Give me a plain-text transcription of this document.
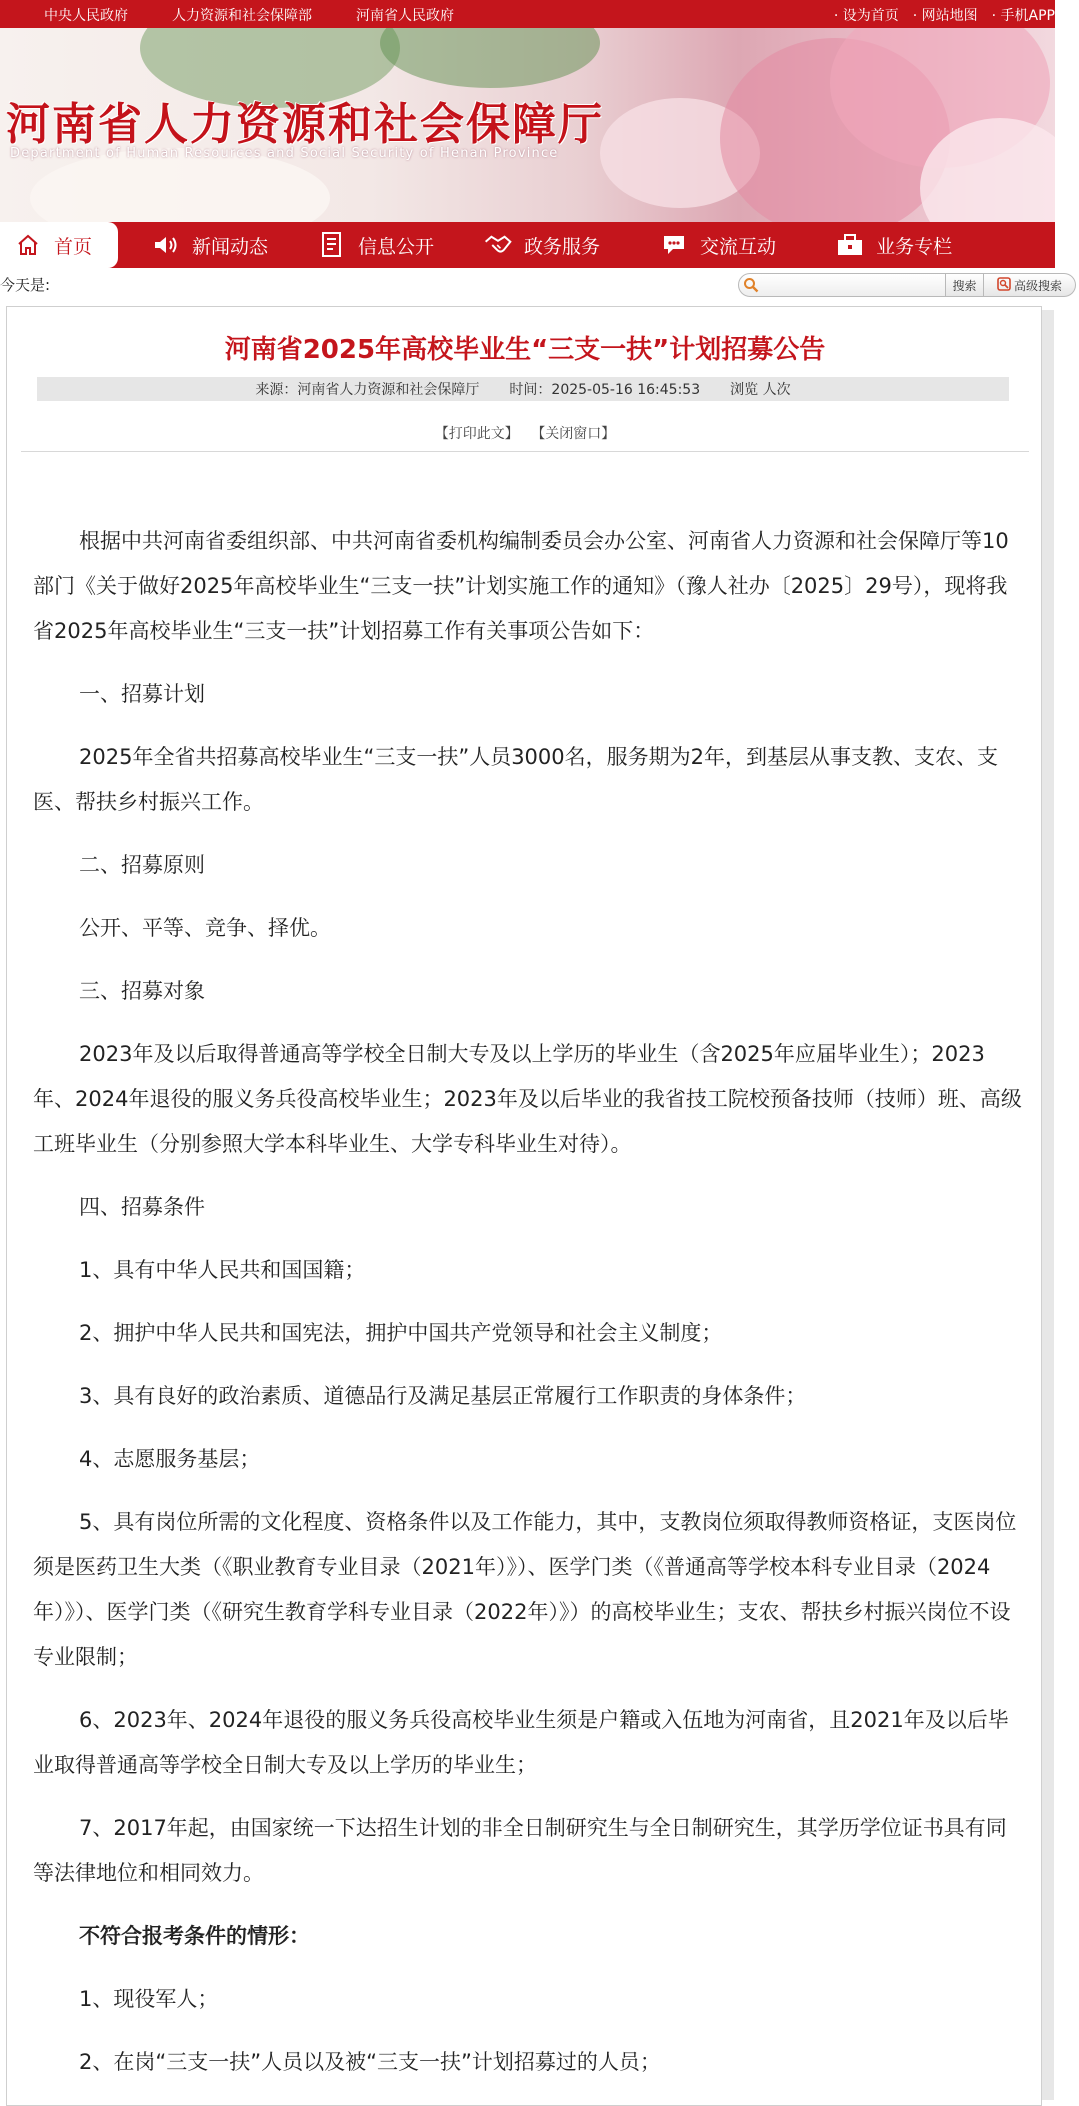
中央人民政府	人力资源和社会保障部	河南省人民政府	· 设为首页	· 网站地图	· 手机APP
河南省人力资源和社会保障厅
Department of Human Resources and Social Security of Henan Province
首页	新闻动态	信息公开	政务服务	交流互动	业务专栏
今天是:	搜索	高级搜索
河南省2025年高校毕业生“三支一扶”计划招募公告
来源：河南省人力资源和社会保障厅 时间：2025-05-16 16:45:53 浏览 人次
【打印此文】 【关闭窗口】

根据中共河南省委组织部、中共河南省委机构编制委员会办公室、河南省人力资源和社会保障厅等10部门《关于做好2025年高校毕业生“三支一扶”计划实施工作的通知》（豫人社办〔2025〕29号），现将我省2025年高校毕业生“三支一扶”计划招募工作有关事项公告如下：

一、招募计划

2025年全省共招募高校毕业生“三支一扶”人员3000名，服务期为2年，到基层从事支教、支农、支医、帮扶乡村振兴工作。

二、招募原则

公开、平等、竞争、择优。

三、招募对象

2023年及以后取得普通高等学校全日制大专及以上学历的毕业生（含2025年应届毕业生）；2023年、2024年退役的服义务兵役高校毕业生；2023年及以后毕业的我省技工院校预备技师（技师）班、高级工班毕业生（分别参照大学本科毕业生、大学专科毕业生对待）。

四、招募条件

1、具有中华人民共和国国籍；

2、拥护中华人民共和国宪法，拥护中国共产党领导和社会主义制度；

3、具有良好的政治素质、道德品行及满足基层正常履行工作职责的身体条件；

4、志愿服务基层；

5、具有岗位所需的文化程度、资格条件以及工作能力，其中，支教岗位须取得教师资格证，支医岗位须是医药卫生大类（《职业教育专业目录（2021年）》）、医学门类（《普通高等学校本科专业目录（2024年）》）、医学门类（《研究生教育学科专业目录（2022年）》）的高校毕业生；支农、帮扶乡村振兴岗位不设专业限制；

6、2023年、2024年退役的服义务兵役高校毕业生须是户籍或入伍地为河南省，且2021年及以后毕业取得普通高等学校全日制大专及以上学历的毕业生；

7、2017年起，由国家统一下达招生计划的非全日制研究生与全日制研究生，其学历学位证书具有同等法律地位和相同效力。

不符合报考条件的情形：

1、现役军人；

2、在岗“三支一扶”人员以及被“三支一扶”计划招募过的人员；
